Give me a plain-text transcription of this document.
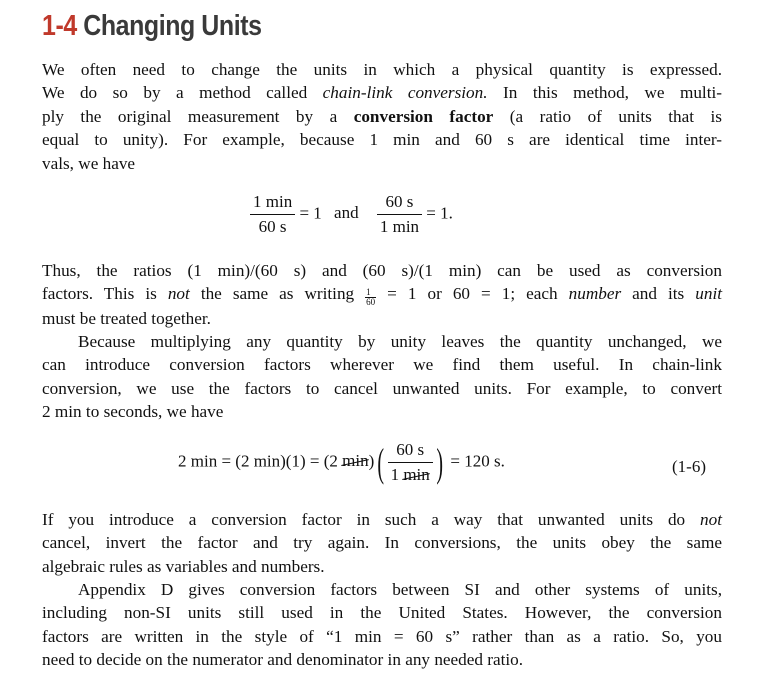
1-4 Changing Units
We often need to change the units in which a physical quantity is expressed.
We do so by a method called chain-link conversion. In this method, we multi-
ply the original measurement by a conversion factor (a ratio of units that is
equal to unity). For example, because 1 min and 60 s are identical time inter-
vals, we have
$\frac{1 \min}{60 s} = 1$ and $\frac{60 s}{1 \min} = 1$.
Thus, the ratios (1 min)/(60 s) and (60 s)/(1 min) can be used as conversion
factors. This is not the same as writing $\frac{1}{60} = 1$ or 60 = 1; each number and its unit
must be treated together.
Because multiplying any quantity by unity leaves the quantity unchanged, we
can introduce conversion factors wherever we find them useful. In chain-link
conversion, we use the factors to cancel unwanted units. For example, to convert
2 min to seconds, we have
2 min = (2 min)(1) = (2 $\min)( \frac{60 s}{1 \min}$ ) = 120 s.	(1-6)
If you introduce a conversion factor in such a way that unwanted units do not
cancel, invert the factor and try again. In conversions, the units obey the same
algebraic rules as variables and numbers.
Appendix D gives conversion factors between SI and other systems of units,
including non-SI units still used in the United States. However, the conversion
factors are written in the style of “1 min = 60 s” rather than as a ratio. So, you
need to decide on the numerator and denominator in any needed ratio.
